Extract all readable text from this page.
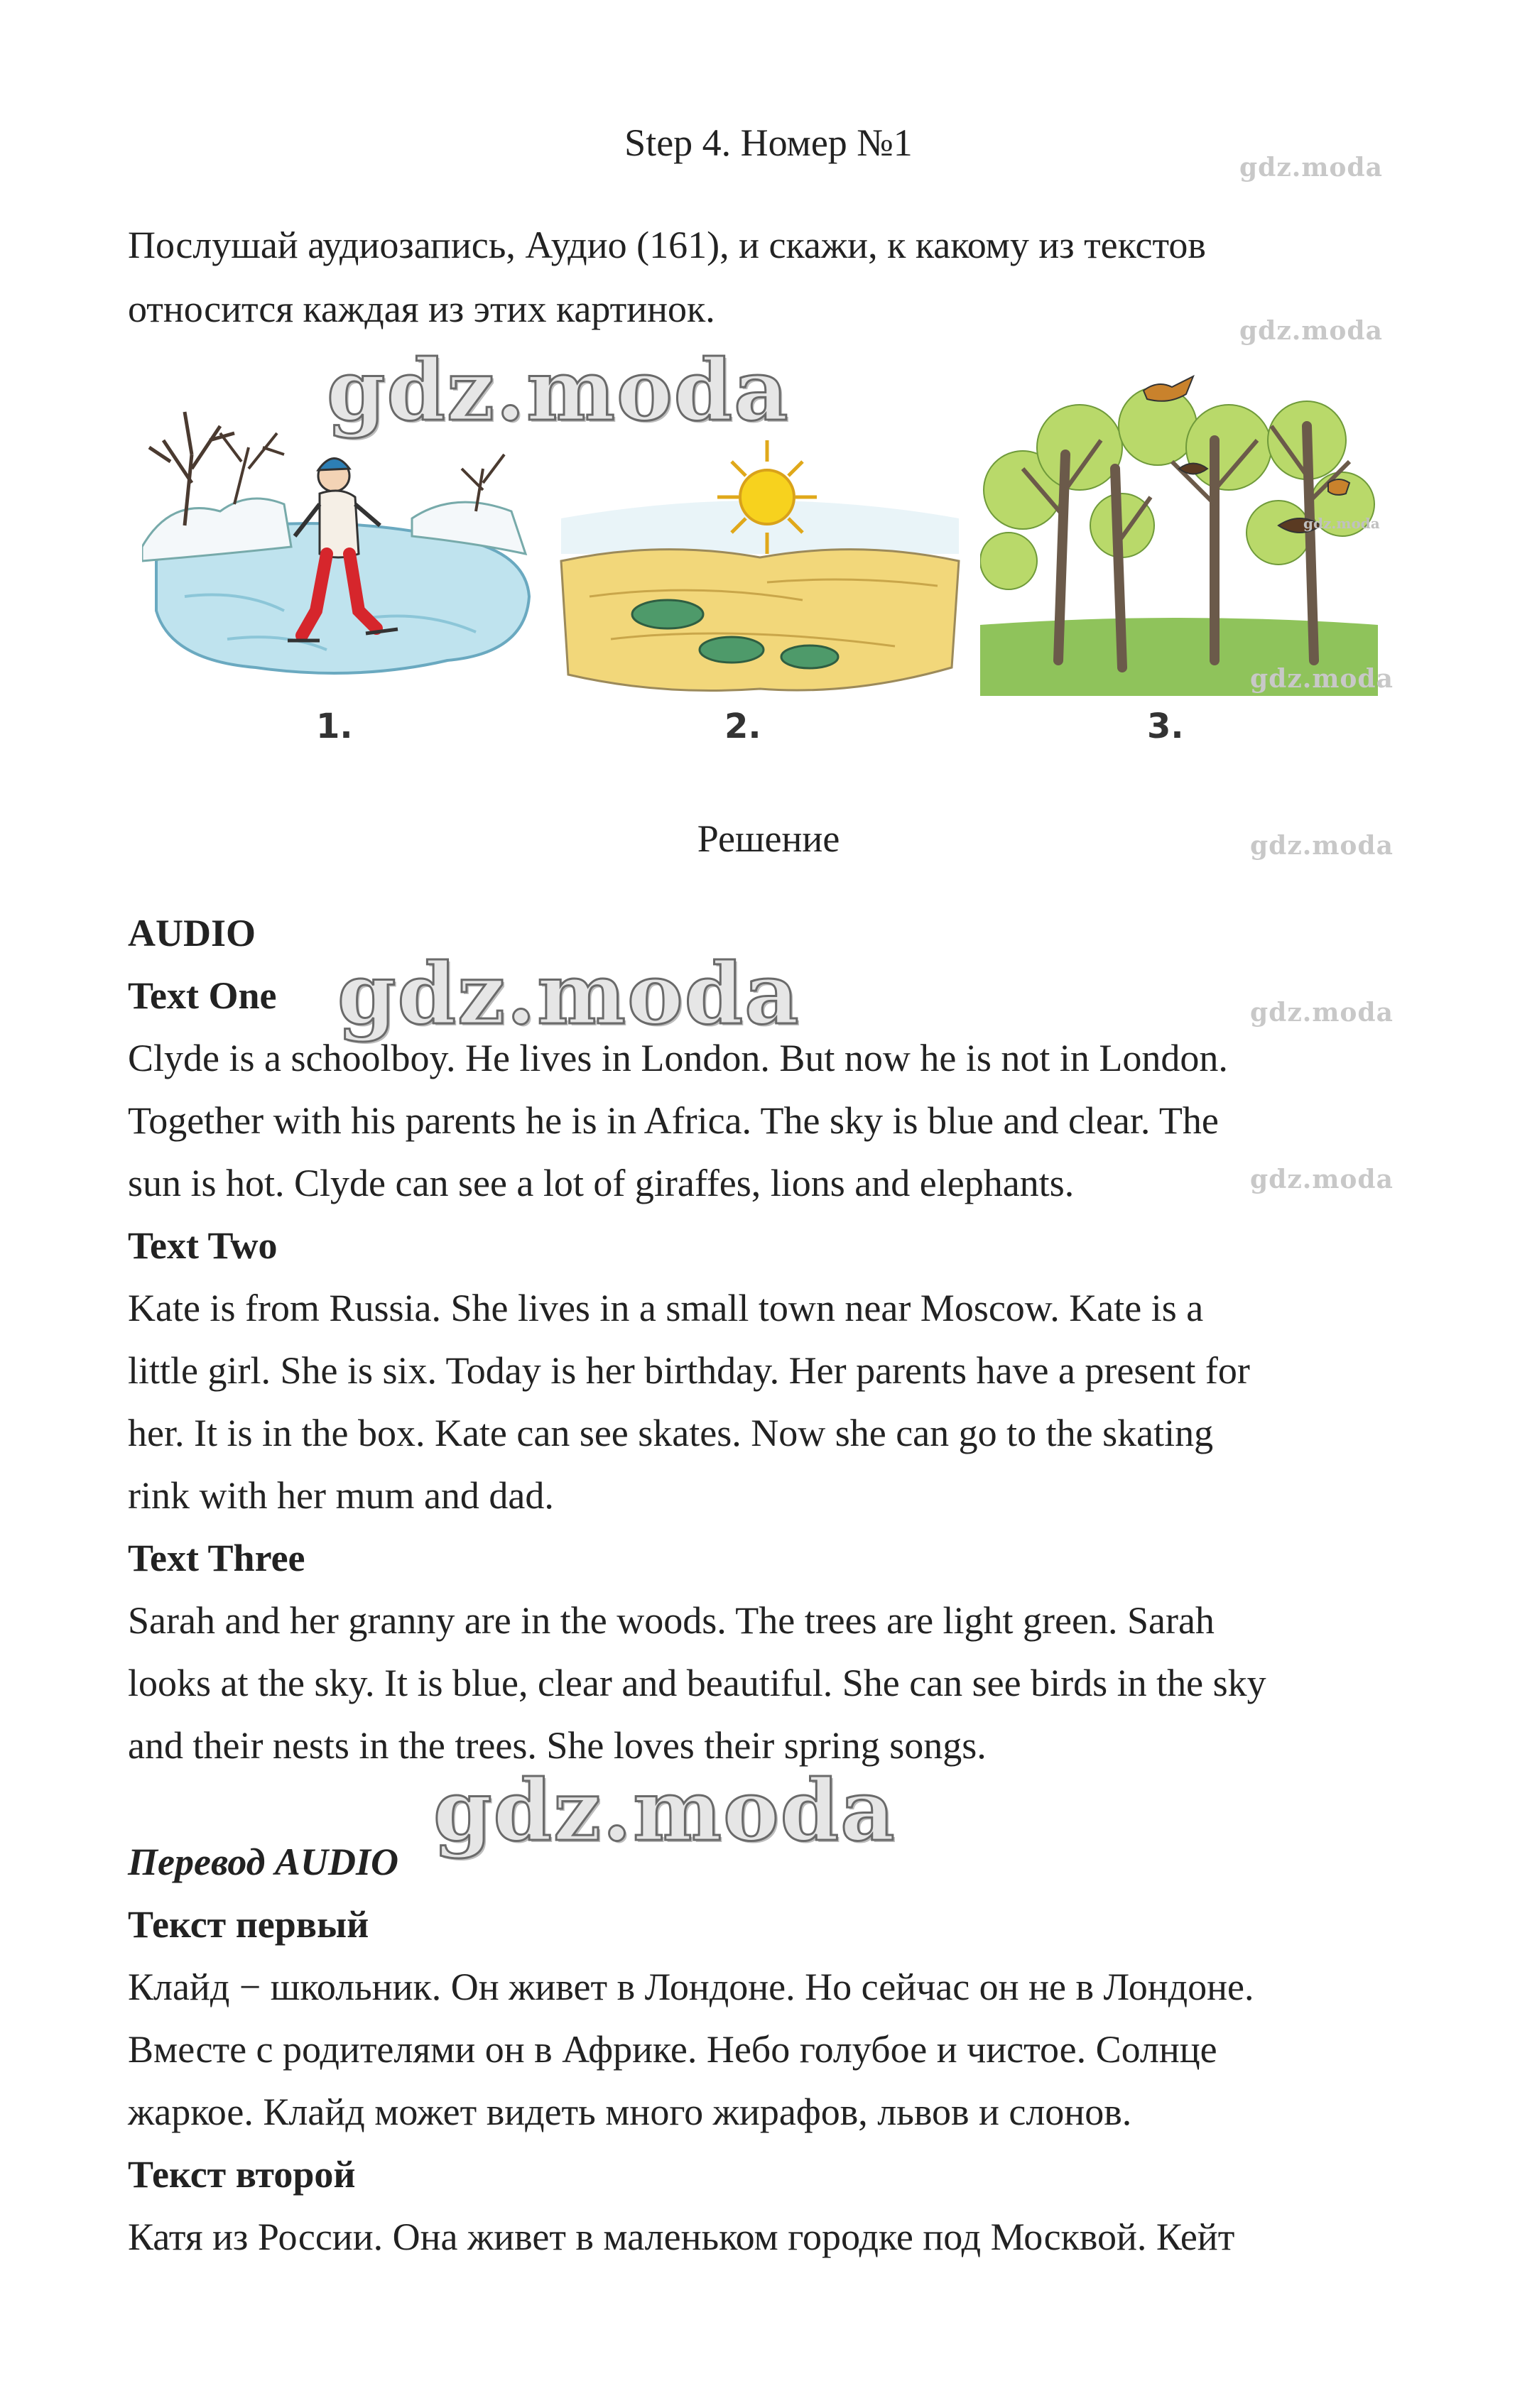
Step 4. Номер №1
Послушай аудиозапись, Аудио (161), и скажи, к какому из текстов
относится каждая из этих картинок.
1.	2.	3.
Решение

AUDIO

Text One

Clyde is a schoolboy. He lives in London. But now he is not in London.

Together with his parents he is in Africa. The sky is blue and clear. The

sun is hot. Clyde can see a lot of giraffes, lions and elephants.

Text Two

Kate is from Russia. She lives in a small town near Moscow. Kate is a

little girl. She is six. Today is her birthday. Her parents have a present for

her. It is in the box. Kate can see skates. Now she can go to the skating

rink with her mum and dad.

Text Three

Sarah and her granny are in the woods. The trees are light green. Sarah

looks at the sky. It is blue, clear and beautiful. She can see birds in the sky

and their nests in the trees. She loves their spring songs.

Перевод AUDIO

Текст первый

Клайд − школьник. Он живет в Лондоне. Но сейчас он не в Лондоне.

Вместе с родителями он в Африке. Небо голубое и чистое. Солнце

жаркое. Клайд может видеть много жирафов, львов и слонов.

Текст второй

Катя из России. Она живет в маленьком городке под Москвой. Кейт

gdz.moda
gdz.moda
gdz.moda
gdz.moda
gdz.moda
gdz.moda
gdz.moda	gdz.moda
gdz.moda
gdz.moda
